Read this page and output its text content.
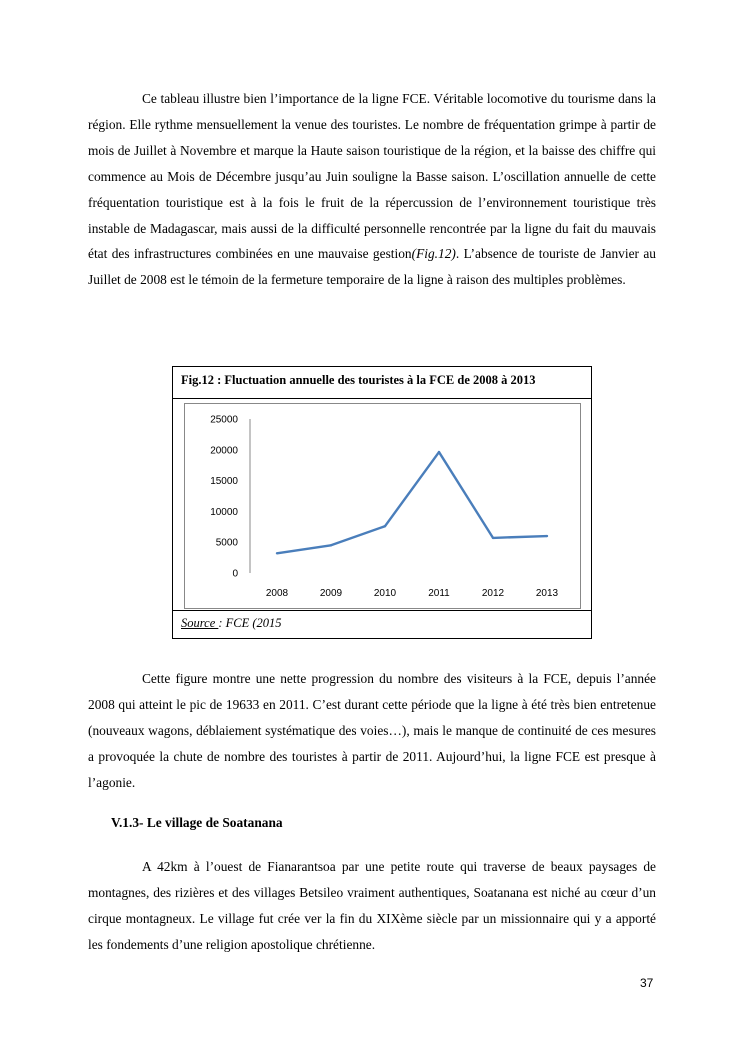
Ce tableau illustre bien l’importance de la ligne FCE. Véritable locomotive du tourisme dans la région. Elle rythme mensuellement la venue des touristes. Le nombre de fréquentation grimpe à partir de mois de Juillet à Novembre et marque la Haute saison touristique de la région, et la baisse des chiffre qui commence au Mois de Décembre jusqu’au Juin souligne la Basse saison. L’oscillation annuelle de cette fréquentation touristique est à la fois le fruit de la répercussion de l’environnement touristique très instable de Madagascar, mais aussi de la difficulté personnelle rencontrée par la ligne du fait du mauvais état des infrastructures combinées en une mauvaise gestion(Fig.12). L’absence de touriste de Janvier au Juillet de 2008 est le témoin de la fermeture temporaire de la ligne à raison des multiples problèmes.

Fig.12 : Fluctuation annuelle des touristes à la FCE de 2008 à 2013
0
5000
10000
15000
20000
25000
2008	2009	2010	2011	2012	2013
Source : FCE (2015

Cette figure montre une nette progression du nombre des visiteurs à la FCE, depuis l’année 2008 qui atteint le pic de 19633 en 2011. C’est durant cette période que la ligne à été très bien entretenue (nouveaux wagons, déblaiement systématique des voies…), mais le manque de continuité de ces mesures a provoquée la chute de nombre des touristes à partir de 2011. Aujourd’hui, la ligne FCE est presque à l’agonie.

V.1.3- Le village de Soatanana

A 42km à l’ouest de Fianarantsoa par une petite route qui traverse de beaux paysages de montagnes, des rizières et des villages Betsileo vraiment authentiques, Soatanana est niché au cœur d’un cirque montagneux. Le village fut crée ver la fin du XIXème siècle par un missionnaire qui y a apporté les fondements d’une religion apostolique chrétienne.

37
